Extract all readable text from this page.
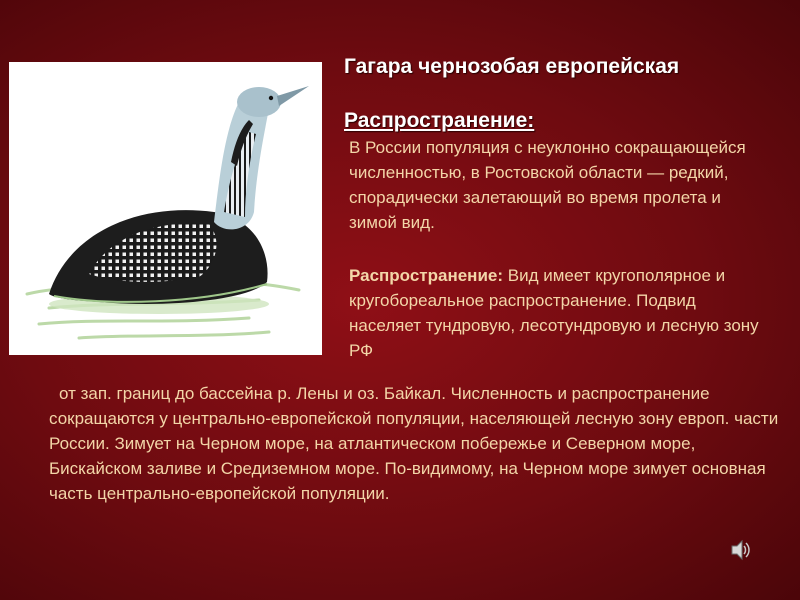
Гагара чернозобая европейская
Распространение:

В России популяция с неуклонно сокращающейся численностью, в Ростовской области — редкий, спорадически залетающий во время пролета и зимой вид.

Распространение: Вид имеет кругополярное и кругобореальное распространение. Подвид населяет тундровую, лесотундровую и лесную зону РФ

от зап. границ до бассейна р. Лены и оз. Байкал. Численность и распространение сокращаются у центрально-европейской популяции, населяющей лесную зону европ. части России. Зимует на Черном море, на атлантическом побережье и Северном море, Бискайском заливе и Средиземном море. По-видимому, на Черном море зимует основная часть центрально-европейской популяции.
